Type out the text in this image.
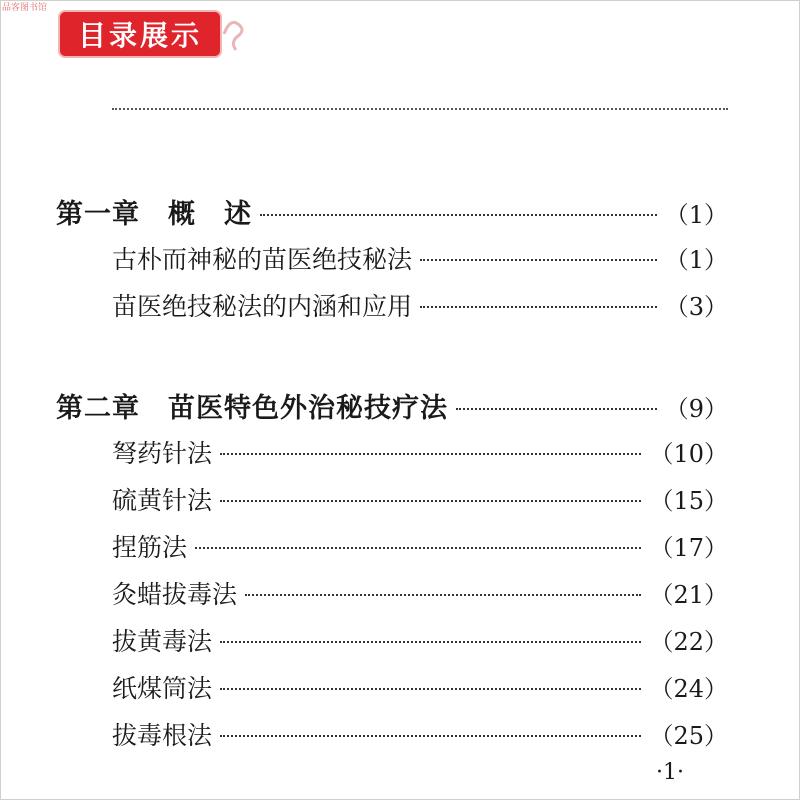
品客图书馆
目录展示
第一章　概　述	（1）
古朴而神秘的苗医绝技秘法	（1）
苗医绝技秘法的内涵和应用	（3）
第二章　苗医特色外治秘技疗法	（9）
弩药针法	（10）
硫黄针法	（15）
捏筋法	（17）
灸蜡拔毒法	（21）
拔黄毒法	（22）
纸煤筒法	（24）
拔毒根法	（25）
·1·
